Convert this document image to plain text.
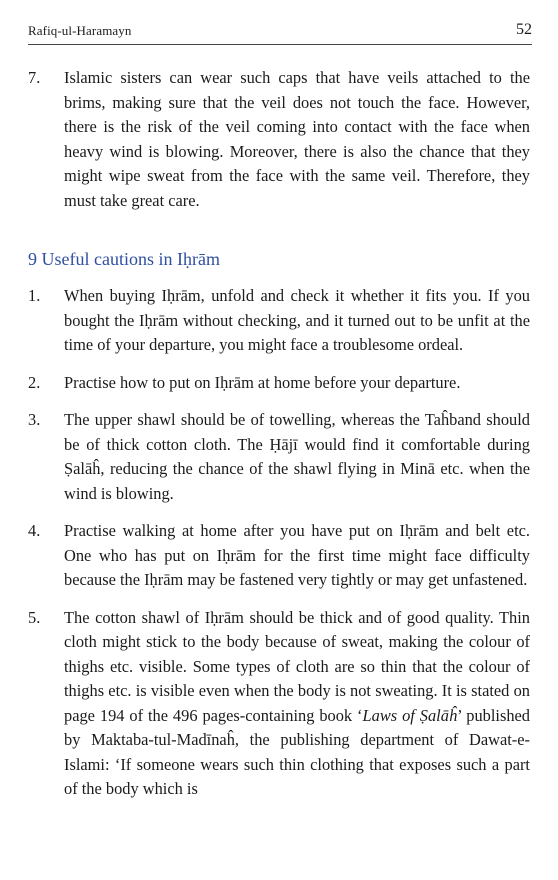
Rafiq-ul-Haramayn	52

7. Islamic sisters can wear such caps that have veils attached to the brims, making sure that the veil does not touch the face. However, there is the risk of the veil coming into contact with the face when heavy wind is blowing. Moreover, there is also the chance that they might wipe sweat from the face with the same veil. Therefore, they must take great care.

9 Useful cautions in Iḥrām

1. When buying Iḥrām, unfold and check it whether it fits you. If you bought the Iḥrām without checking, and it turned out to be unfit at the time of your departure, you might face a troublesome ordeal.

2. Practise how to put on Iḥrām at home before your departure.

3. The upper shawl should be of towelling, whereas the Taĥband should be of thick cotton cloth. The Ḥājī would find it comfortable during Ṣalāĥ, reducing the chance of the shawl flying in Minā etc. when the wind is blowing.

4. Practise walking at home after you have put on Iḥrām and belt etc. One who has put on Iḥrām for the first time might face difficulty because the Iḥrām may be fastened very tightly or may get unfastened.

5. The cotton shawl of Iḥrām should be thick and of good quality. Thin cloth might stick to the body because of sweat, making the colour of thighs etc. visible. Some types of cloth are so thin that the colour of thighs etc. is visible even when the body is not sweating. It is stated on page 194 of the 496 pages-containing book ‘Laws of Ṣalāĥ’ published by Maktaba-tul-Madīnaĥ, the publishing department of Dawat-e-Islami: ‘If someone wears such thin clothing that exposes such a part of the body which is
